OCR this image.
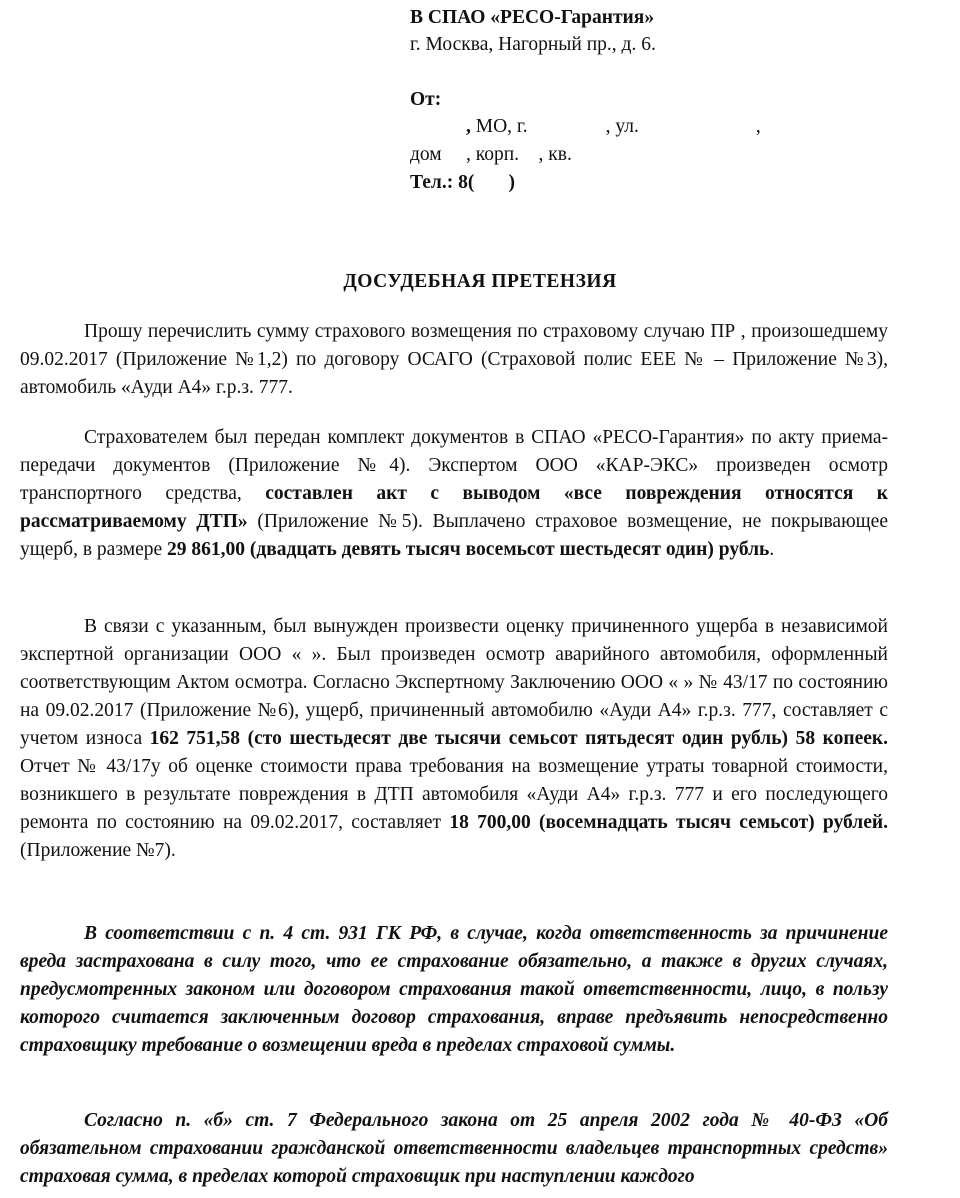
В СПАО «РЕСО-Гарантия»
г. Москва, Нагорный пр., д. 6.
От:
, МО, г.                , ул.                        ,
дом     , корп.    , кв.
Тел.: 8(       )
ДОСУДЕБНАЯ ПРЕТЕНЗИЯ

Прошу перечислить сумму страхового возмещения по страховому случаю ПР , произошедшему 09.02.2017 (Приложение №1,2) по договору ОСАГО (Страховой полис ЕЕЕ № – Приложение №3), автомобиль «Ауди А4» г.р.з. 777.

Страхователем был передан комплект документов в СПАО «РЕСО-Гарантия» по акту приема-передачи документов (Приложение №4). Экспертом ООО «КАР-ЭКС» произведен осмотр транспортного средства, составлен акт с выводом «все повреждения относятся к рассматриваемому ДТП» (Приложение №5). Выплачено страховое возмещение, не покрывающее ущерб, в размере 29 861,00 (двадцать девять тысяч восемьсот шестьдесят один) рубль.

В связи с указанным, был вынужден произвести оценку причиненного ущерба в независимой экспертной организации ООО « ». Был произведен осмотр аварийного автомобиля, оформленный соответствующим Актом осмотра. Согласно Экспертному Заключению ООО « » № 43/17 по состоянию на 09.02.2017 (Приложение №6), ущерб, причиненный автомобилю «Ауди А4» г.р.з. 777, составляет с учетом износа 162 751,58 (сто шестьдесят две тысячи семьсот пятьдесят один рубль) 58 копеек. Отчет № 43/17у об оценке стоимости права требования на возмещение утраты товарной стоимости, возникшего в результате повреждения в ДТП автомобиля «Ауди А4» г.р.з. 777 и его последующего ремонта по состоянию на 09.02.2017, составляет 18 700,00 (восемнадцать тысяч семьсот) рублей. (Приложение №7).

В соответствии с п. 4 ст. 931 ГК РФ, в случае, когда ответственность за причинение вреда застрахована в силу того, что ее страхование обязательно, а также в других случаях, предусмотренных законом или договором страхования такой ответственности, лицо, в пользу которого считается заключенным договор страхования, вправе предъявить непосредственно страховщику требование о возмещении вреда в пределах страховой суммы.

Согласно п. «б» ст. 7 Федерального закона от 25 апреля 2002 года № 40-ФЗ «Об обязательном страховании гражданской ответственности владельцев транспортных средств» страховая сумма, в пределах которой страховщик при наступлении каждого
